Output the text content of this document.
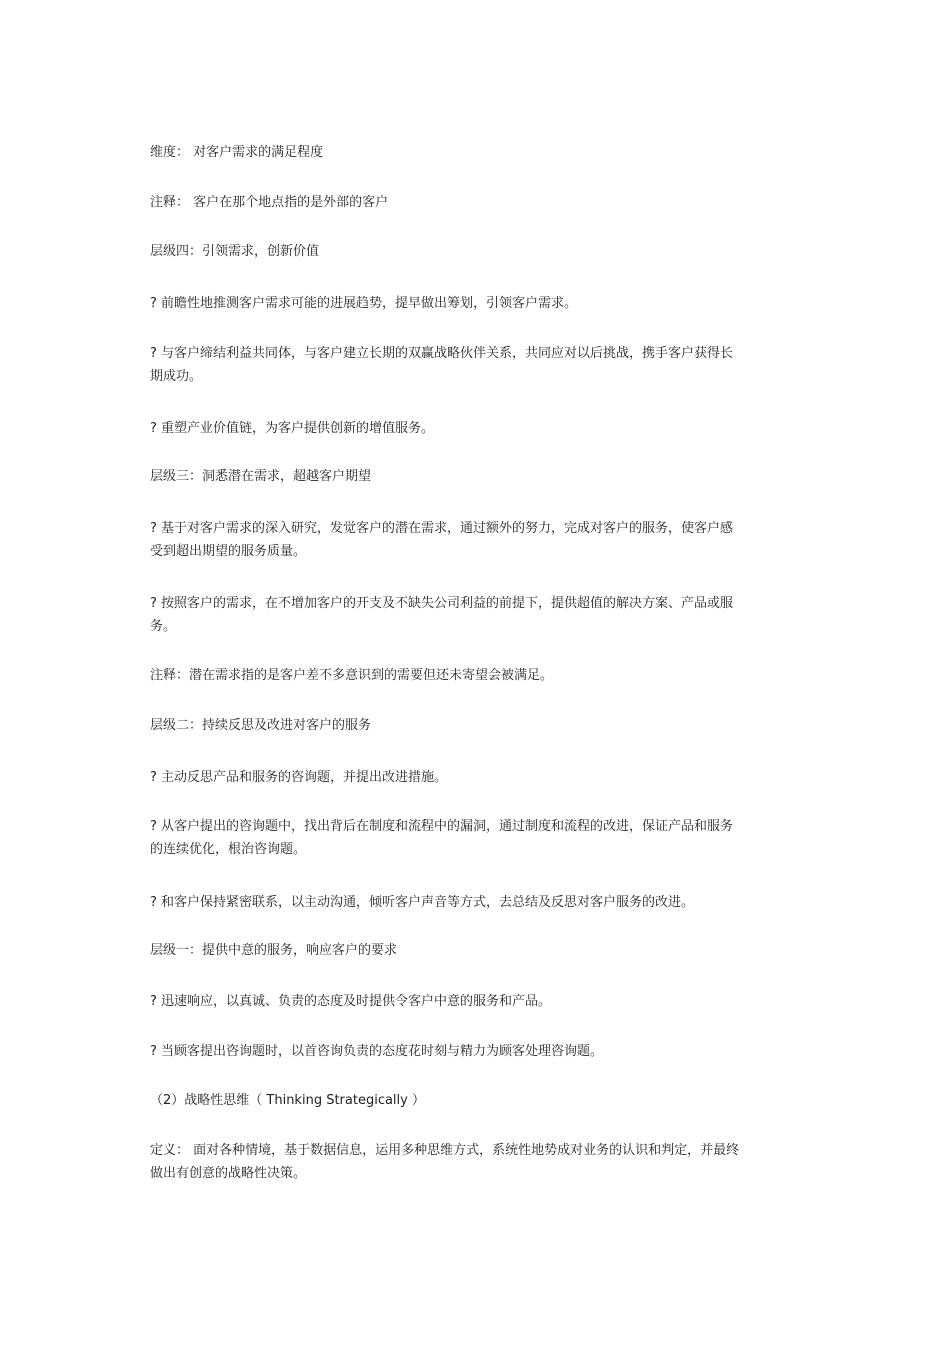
维度： 对客户需求的满足程度

注释： 客户在那个地点指的是外部的客户

层级四：引领需求，创新价值

? 前瞻性地推测客户需求可能的进展趋势，提早做出筹划，引领客户需求。

? 与客户缔结利益共同体，与客户建立长期的双赢战略伙伴关系，共同应对以后挑战，携手客户获得长期成功。

? 重塑产业价值链，为客户提供创新的增值服务。

层级三：洞悉潜在需求，超越客户期望

? 基于对客户需求的深入研究，发觉客户的潜在需求，通过额外的努力，完成对客户的服务，使客户感受到超出期望的服务质量。

? 按照客户的需求，在不增加客户的开支及不缺失公司利益的前提下，提供超值的解决方案、产品或服务。

注释：潜在需求指的是客户差不多意识到的需要但还未寄望会被满足。

层级二：持续反思及改进对客户的服务

? 主动反思产品和服务的咨询题，并提出改进措施。

? 从客户提出的咨询题中，找出背后在制度和流程中的漏洞，通过制度和流程的改进，保证产品和服务的连续优化，根治咨询题。

? 和客户保持紧密联系，以主动沟通，倾听客户声音等方式，去总结及反思对客户服务的改进。

层级一：提供中意的服务，响应客户的要求

? 迅速响应，以真诚、负责的态度及时提供令客户中意的服务和产品。

? 当顾客提出咨询题时，以首咨询负责的态度花时刻与精力为顾客处理咨询题。

（2）战略性思维（ Thinking Strategically ）

定义： 面对各种情境，基于数据信息，运用多种思维方式，系统性地势成对业务的认识和判定，并最终做出有创意的战略性决策。
